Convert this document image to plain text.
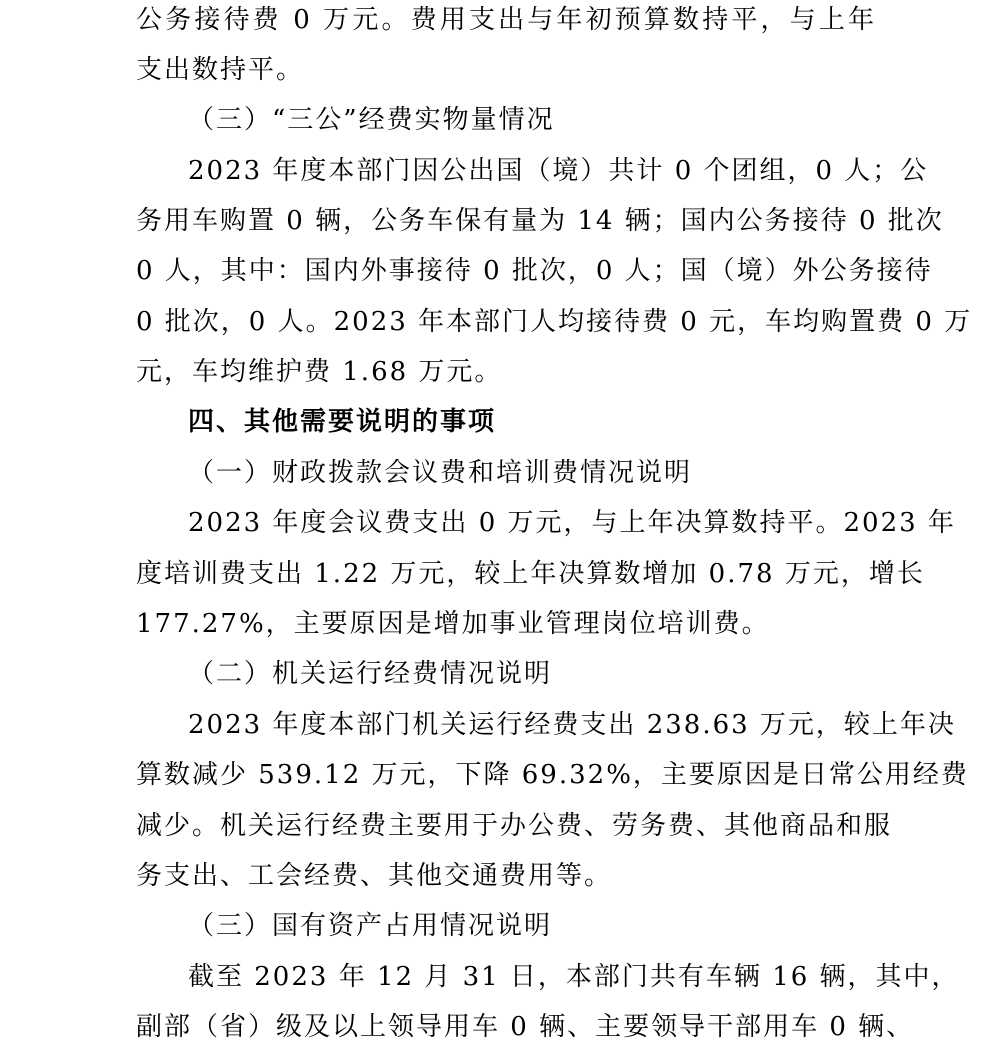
公务接待费 0 万元。费用支出与年初预算数持平，与上年
支出数持平。
（三）“三公”经费实物量情况
2023 年度本部门因公出国（境）共计 0 个团组，0 人；公
务用车购置 0 辆，公务车保有量为 14 辆；国内公务接待 0 批次
0 人，其中：国内外事接待 0 批次，0 人；国（境）外公务接待
0 批次，0 人。2023 年本部门人均接待费 0 元，车均购置费 0 万
元，车均维护费 1.68 万元。
四、其他需要说明的事项
（一）财政拨款会议费和培训费情况说明
2023 年度会议费支出 0 万元，与上年决算数持平。2023 年
度培训费支出 1.22 万元，较上年决算数增加 0.78 万元，增长
177.27%，主要原因是增加事业管理岗位培训费。
（二）机关运行经费情况说明
2023 年度本部门机关运行经费支出 238.63 万元，较上年决
算数减少 539.12 万元，下降 69.32%，主要原因是日常公用经费
减少。机关运行经费主要用于办公费、劳务费、其他商品和服
务支出、工会经费、其他交通费用等。
（三）国有资产占用情况说明
截至 2023 年 12 月 31 日，本部门共有车辆 16 辆，其中，
副部（省）级及以上领导用车 0 辆、主要领导干部用车 0 辆、
